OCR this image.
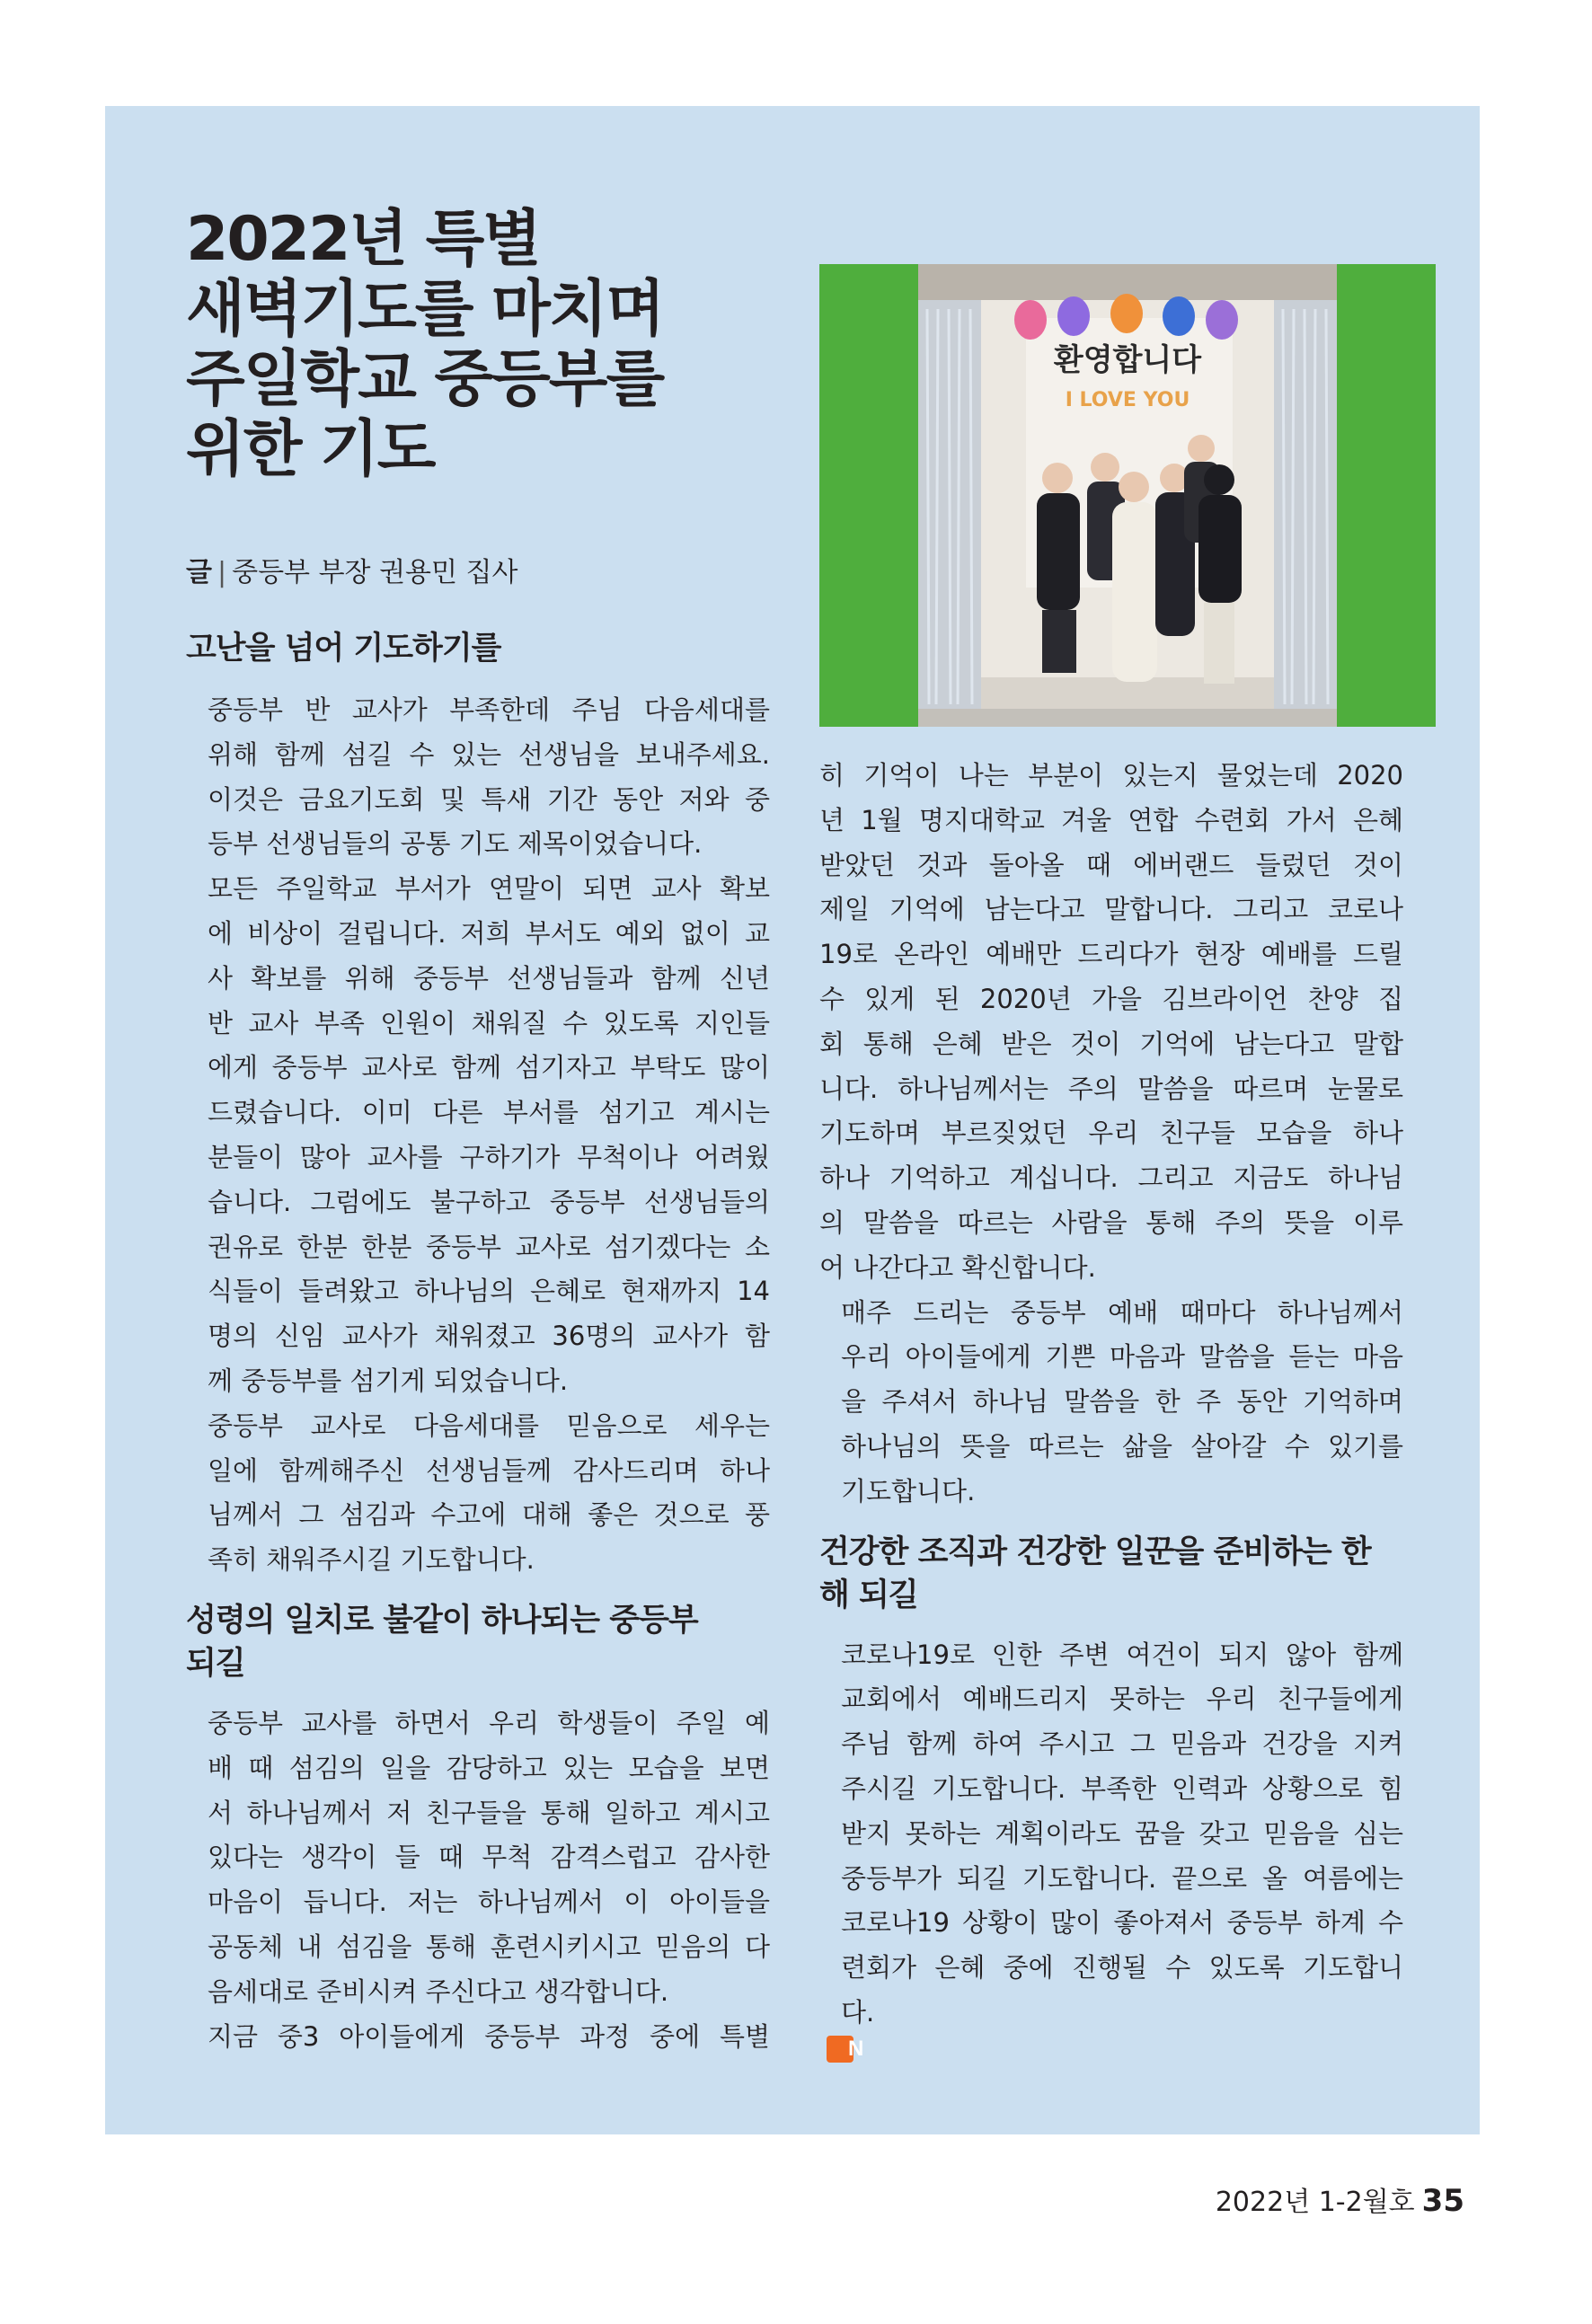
2022년 특별
새벽기도를 마치며
주일학교 중등부를
위한 기도
글 | 중등부 부장 권용민 집사
환영합니다
I LOVE YOU
고난을 넘어 기도하기를

중등부 반 교사가 부족한데 주님 다음세대를
위해 함께 섬길 수 있는 선생님을 보내주세요.
이것은 금요기도회 및 특새 기간 동안 저와 중
등부 선생님들의 공통 기도 제목이었습니다.

모든 주일학교 부서가 연말이 되면 교사 확보
에 비상이 걸립니다. 저희 부서도 예외 없이 교
사 확보를 위해 중등부 선생님들과 함께 신년
반 교사 부족 인원이 채워질 수 있도록 지인들
에게 중등부 교사로 함께 섬기자고 부탁도 많이
드렸습니다. 이미 다른 부서를 섬기고 계시는
분들이 많아 교사를 구하기가 무척이나 어려웠
습니다. 그럼에도 불구하고 중등부 선생님들의
권유로 한분 한분 중등부 교사로 섬기겠다는 소
식들이 들려왔고 하나님의 은혜로 현재까지 14
명의 신임 교사가 채워졌고 36명의 교사가 함
께 중등부를 섬기게 되었습니다.

중등부 교사로 다음세대를 믿음으로 세우는
일에 함께해주신 선생님들께 감사드리며 하나
님께서 그 섬김과 수고에 대해 좋은 것으로 풍
족히 채워주시길 기도합니다.

성령의 일치로 불같이 하나되는 중등부
되길

중등부 교사를 하면서 우리 학생들이 주일 예
배 때 섬김의 일을 감당하고 있는 모습을 보면
서 하나님께서 저 친구들을 통해 일하고 계시고
있다는 생각이 들 때 무척 감격스럽고 감사한
마음이 듭니다. 저는 하나님께서 이 아이들을
공동체 내 섬김을 통해 훈련시키시고 믿음의 다
음세대로 준비시켜 주신다고 생각합니다.

지금 중3 아이들에게 중등부 과정 중에 특별

히 기억이 나는 부분이 있는지 물었는데 2020
년 1월 명지대학교 겨울 연합 수련회 가서 은혜
받았던 것과 돌아올 때 에버랜드 들렀던 것이
제일 기억에 남는다고 말합니다. 그리고 코로나
19로 온라인 예배만 드리다가 현장 예배를 드릴
수 있게 된 2020년 가을 김브라이언 찬양 집
회 통해 은혜 받은 것이 기억에 남는다고 말합
니다. 하나님께서는 주의 말씀을 따르며 눈물로
기도하며 부르짖었던 우리 친구들 모습을 하나
하나 기억하고 계십니다. 그리고 지금도 하나님
의 말씀을 따르는 사람을 통해 주의 뜻을 이루
어 나간다고 확신합니다.

매주 드리는 중등부 예배 때마다 하나님께서
우리 아이들에게 기쁜 마음과 말씀을 듣는 마음
을 주셔서 하나님 말씀을 한 주 동안 기억하며
하나님의 뜻을 따르는 삶을 살아갈 수 있기를
기도합니다.

건강한 조직과 건강한 일꾼을 준비하는 한
해 되길

코로나19로 인한 주변 여건이 되지 않아 함께
교회에서 예배드리지 못하는 우리 친구들에게
주님 함께 하여 주시고 그 믿음과 건강을 지켜
주시길 기도합니다. 부족한 인력과 상황으로 힘
받지 못하는 계획이라도 꿈을 갖고 믿음을 심는
중등부가 되길 기도합니다. 끝으로 올 여름에는
코로나19 상황이 많이 좋아져서 중등부 하계 수
련회가 은혜 중에 진행될 수 있도록 기도합니
다.
N

2022년 1-2월호 35
